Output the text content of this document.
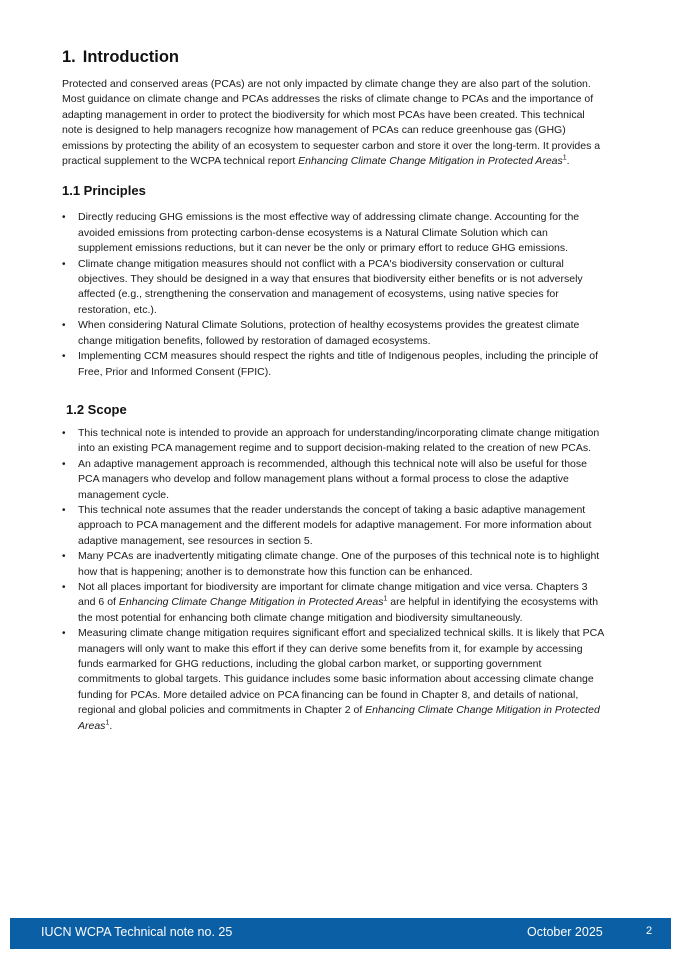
1. Introduction

Protected and conserved areas (PCAs) are not only impacted by climate change they are also part of the solution. Most guidance on climate change and PCAs addresses the risks of climate change to PCAs and the importance of adapting management in order to protect the biodiversity for which most PCAs have been created. This technical note is designed to help managers recognize how management of PCAs can reduce greenhouse gas (GHG) emissions by protecting the ability of an ecosystem to sequester carbon and store it over the long-term. It provides a practical supplement to the WCPA technical report Enhancing Climate Change Mitigation in Protected Areas$^1$.

1.1 Principles
• Directly reducing GHG emissions is the most effective way of addressing climate change. Accounting for the avoided emissions from protecting carbon-dense ecosystems is a Natural Climate Solution which can supplement emissions reductions, but it can never be the only or primary effort to reduce GHG emissions.
• Climate change mitigation measures should not conflict with a PCA's biodiversity conservation or cultural objectives. They should be designed in a way that ensures that biodiversity either benefits or is not adversely affected (e.g., strengthening the conservation and management of ecosystems, using native species for restoration, etc.).
• When considering Natural Climate Solutions, protection of healthy ecosystems provides the greatest climate change mitigation benefits, followed by restoration of damaged ecosystems.
• Implementing CCM measures should respect the rights and title of Indigenous peoples, including the principle of Free, Prior and Informed Consent (FPIC).
1.2 Scope
• This technical note is intended to provide an approach for understanding/incorporating climate change mitigation into an existing PCA management regime and to support decision-making related to the creation of new PCAs.
• An adaptive management approach is recommended, although this technical note will also be useful for those PCA managers who develop and follow management plans without a formal process to close the adaptive management cycle.
• This technical note assumes that the reader understands the concept of taking a basic adaptive management approach to PCA management and the different models for adaptive management. For more information about adaptive management, see resources in section 5.
• Many PCAs are inadvertently mitigating climate change. One of the purposes of this technical note is to highlight how that is happening; another is to demonstrate how this function can be enhanced.
• Not all places important for biodiversity are important for climate change mitigation and vice versa. Chapters 3 and 6 of Enhancing Climate Change Mitigation in Protected Areas$^1$ are helpful in identifying the ecosystems with the most potential for enhancing both climate change mitigation and biodiversity simultaneously.
• Measuring climate change mitigation requires significant effort and specialized technical skills. It is likely that PCA managers will only want to make this effort if they can derive some benefits from it, for example by accessing funds earmarked for GHG reductions, including the global carbon market, or supporting government commitments to global targets. This guidance includes some basic information about accessing climate change funding for PCAs. More detailed advice on PCA financing can be found in Chapter 8, and details of national, regional and global policies and commitments in Chapter 2 of Enhancing Climate Change Mitigation in Protected Areas$^1$.
IUCN WCPA Technical note no. 25	October 2025	2
